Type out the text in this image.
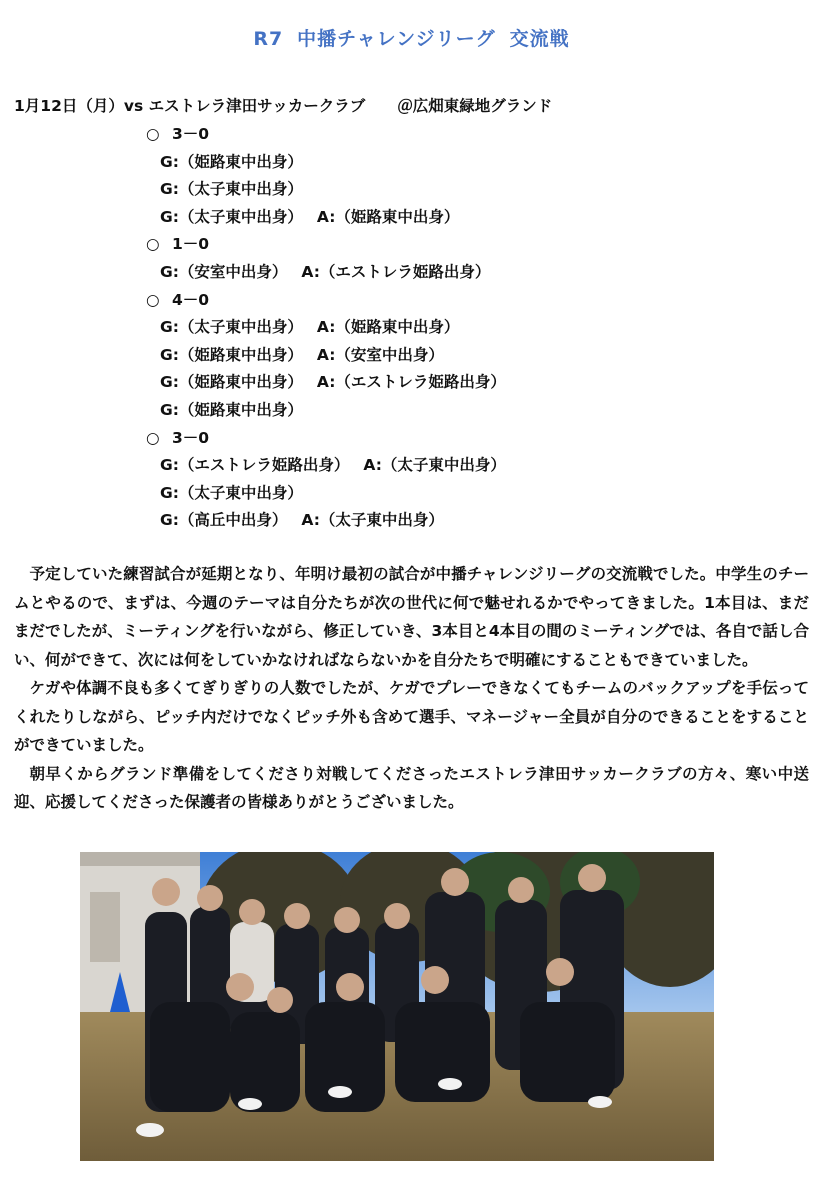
R7 中播チャレンジリーグ 交流戦
1月12日（月）vs エストレラ津田サッカークラブ ＠広畑東緑地グランド
○ 3－0
G:（姫路東中出身）
G:（太子東中出身）
G:（太子東中出身） A:（姫路東中出身）
○ 1－0
G:（安室中出身） A:（エストレラ姫路出身）
○ 4－0
G:（太子東中出身） A:（姫路東中出身）
G:（姫路東中出身） A:（安室中出身）
G:（姫路東中出身） A:（エストレラ姫路出身）
G:（姫路東中出身）
○ 3－0
G:（エストレラ姫路出身） A:（太子東中出身）
G:（太子東中出身）
G:（高丘中出身） A:（太子東中出身）

予定していた練習試合が延期となり、年明け最初の試合が中播チャレンジリーグの交流戦でした。中学生のチームとやるので、まずは、今週のテーマは自分たちが次の世代に何で魅せれるかでやってきました。1本目は、まだまだでしたが、ミーティングを行いながら、修正していき、3本目と4本目の間のミーティングでは、各自で話し合い、何ができて、次には何をしていかなければならないかを自分たちで明確にすることもできていました。

ケガや体調不良も多くてぎりぎりの人数でしたが、ケガでプレーできなくてもチームのバックアップを手伝ってくれたりしながら、ピッチ内だけでなくピッチ外も含めて選手、マネージャー全員が自分のできることをすることができていました。

朝早くからグランド準備をしてくださり対戦してくださったエストレラ津田サッカークラブの方々、寒い中送迎、応援してくださった保護者の皆様ありがとうございました。
